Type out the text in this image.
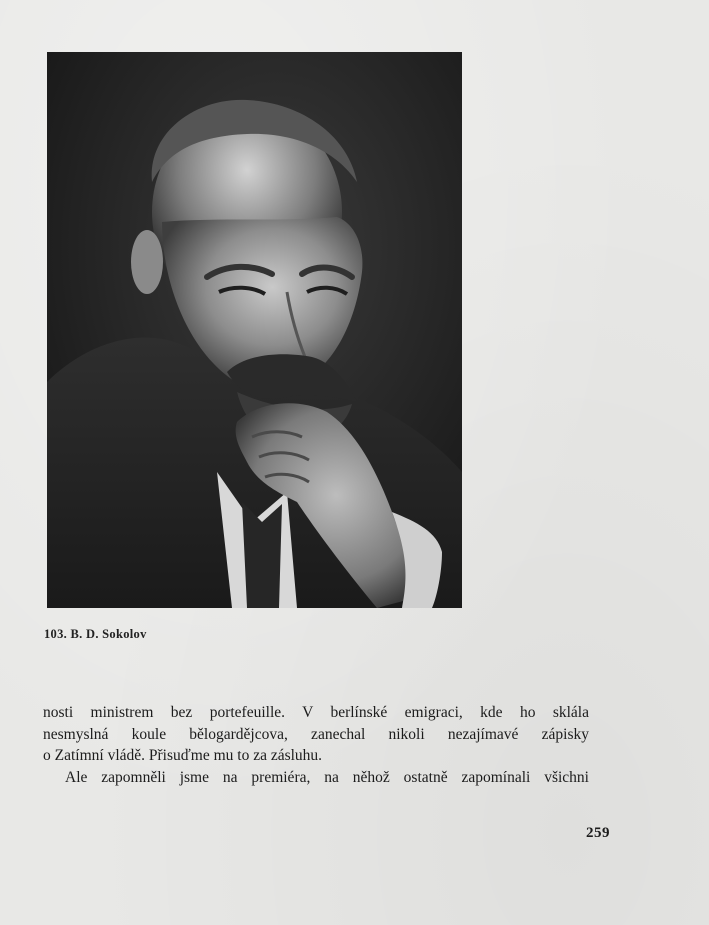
103. B. D. Sokolov
nosti ministrem bez portefeuille. V berlínské emigraci, kde ho sklála
nesmyslná koule bělogardějcova, zanechal nikoli nezajímavé zápisky
o Zatímní vládě. Přisuďme mu to za zásluhu.
Ale zapomněli jsme na premiéra, na něhož ostatně zapomínali všichni
259
